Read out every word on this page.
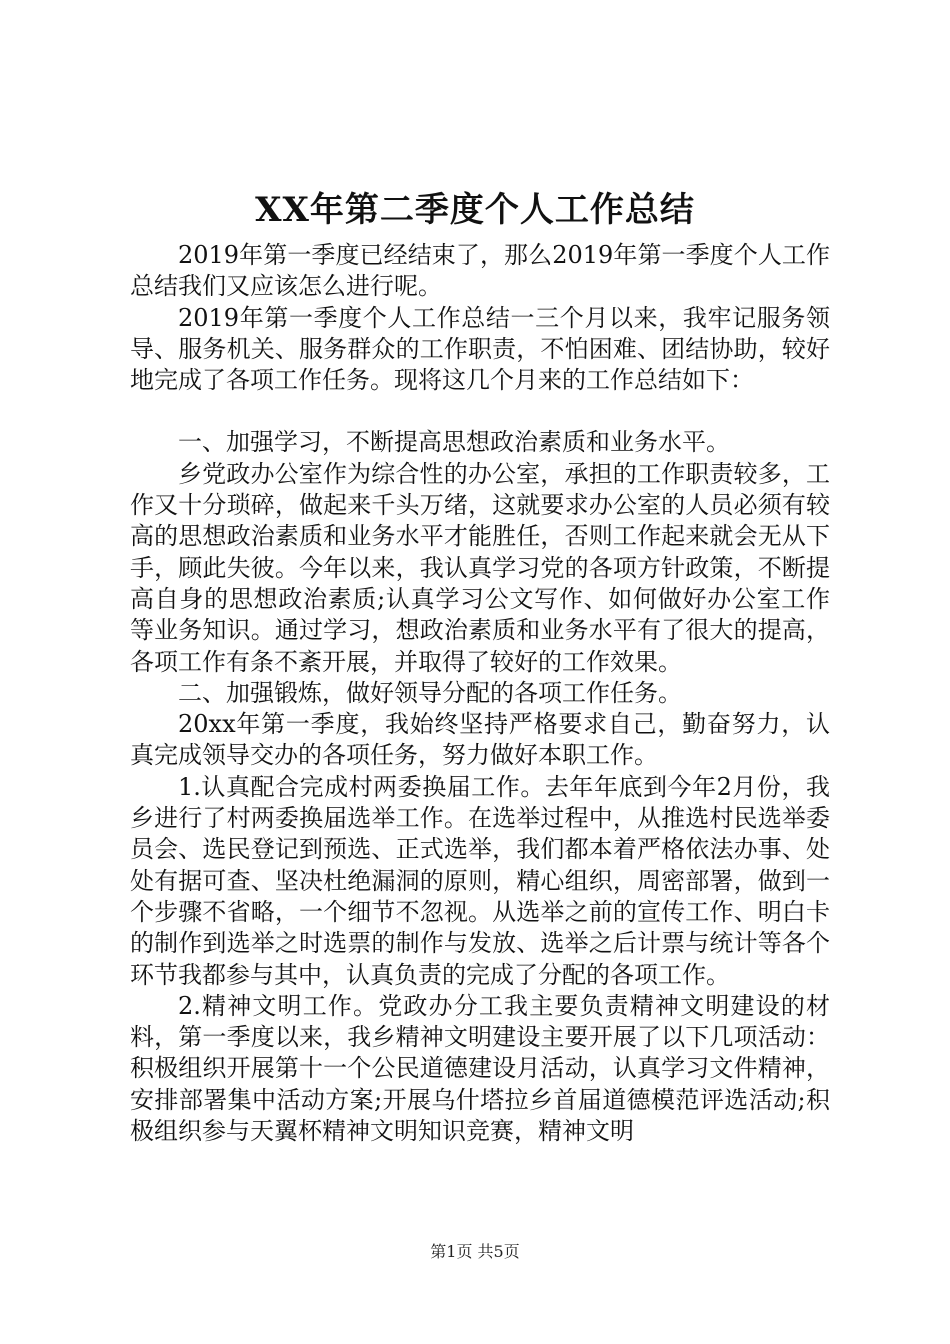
XX年第二季度个人工作总结

2019年第一季度已经结束了，那么2019年第一季度个人工作总结我们又应该怎么进行呢。

2019年第一季度个人工作总结一三个月以来，我牢记服务领导、服务机关、服务群众的工作职责，不怕困难、团结协助，较好地完成了各项工作任务。现将这几个月来的工作总结如下：

一、加强学习，不断提高思想政治素质和业务水平。

乡党政办公室作为综合性的办公室，承担的工作职责较多，工作又十分琐碎，做起来千头万绪，这就要求办公室的人员必须有较高的思想政治素质和业务水平才能胜任，否则工作起来就会无从下手，顾此失彼。今年以来，我认真学习党的各项方针政策，不断提高自身的思想政治素质;认真学习公文写作、如何做好办公室工作等业务知识。通过学习，想政治素质和业务水平有了很大的提高，各项工作有条不紊开展，并取得了较好的工作效果。

二、加强锻炼，做好领导分配的各项工作任务。

20xx年第一季度，我始终坚持严格要求自己，勤奋努力，认真完成领导交办的各项任务，努力做好本职工作。

1.认真配合完成村两委换届工作。去年年底到今年2月份，我乡进行了村两委换届选举工作。在选举过程中，从推选村民选举委员会、选民登记到预选、正式选举，我们都本着严格依法办事、处处有据可查、坚决杜绝漏洞的原则，精心组织，周密部署，做到一个步骤不省略，一个细节不忽视。从选举之前的宣传工作、明白卡的制作到选举之时选票的制作与发放、选举之后计票与统计等各个环节我都参与其中，认真负责的完成了分配的各项工作。

2.精神文明工作。党政办分工我主要负责精神文明建设的材料，第一季度以来，我乡精神文明建设主要开展了以下几项活动：积极组织开展第十一个公民道德建设月活动，认真学习文件精神，安排部署集中活动方案;开展乌什塔拉乡首届道德模范评选活动;积极组织参与天翼杯精神文明知识竞赛，精神文明

第1页 共5页
